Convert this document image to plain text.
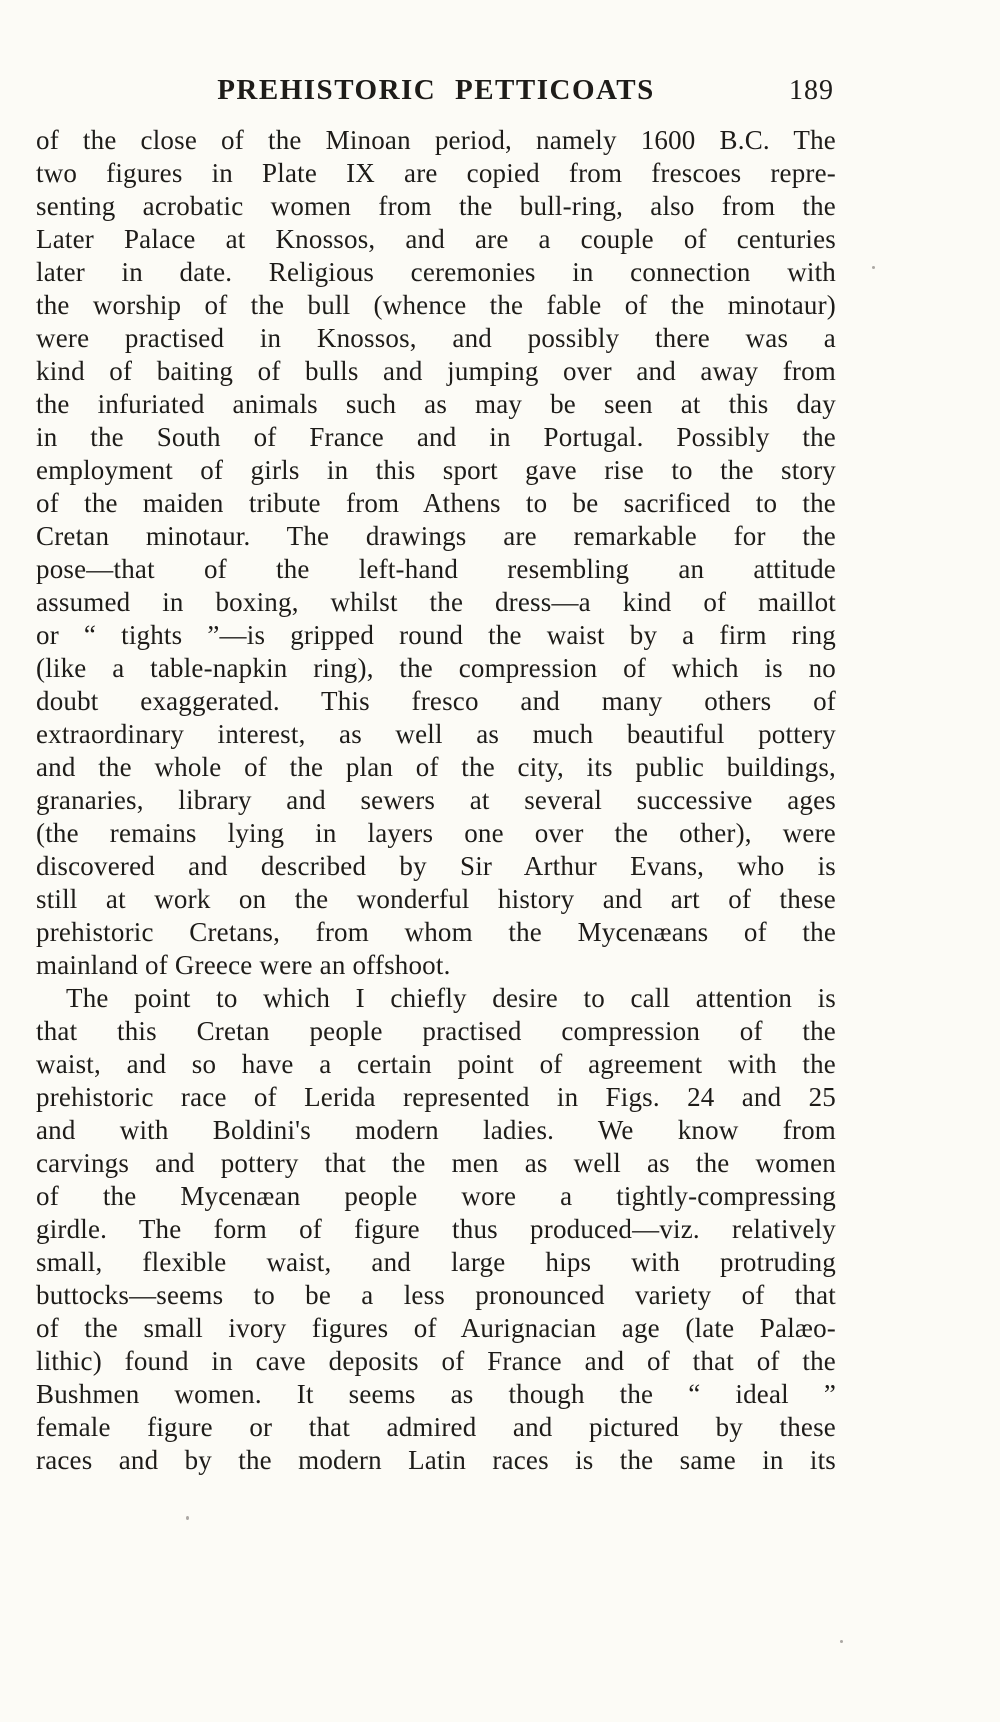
PREHISTORIC PETTICOATS	189
of the close of the Minoan period, namely 1600 B.C. The
two figures in Plate IX are copied from frescoes repre-
senting acrobatic women from the bull-ring, also from the
Later Palace at Knossos, and are a couple of centuries
later in date. Religious ceremonies in connection with
the worship of the bull (whence the fable of the minotaur)
were practised in Knossos, and possibly there was a
kind of baiting of bulls and jumping over and away from
the infuriated animals such as may be seen at this day
in the South of France and in Portugal. Possibly the
employment of girls in this sport gave rise to the story
of the maiden tribute from Athens to be sacrificed to the
Cretan minotaur. The drawings are remarkable for the
pose—that of the left-hand resembling an attitude
assumed in boxing, whilst the dress—a kind of maillot
or “ tights ”—is gripped round the waist by a firm ring
(like a table-napkin ring), the compression of which is no
doubt exaggerated. This fresco and many others of
extraordinary interest, as well as much beautiful pottery
and the whole of the plan of the city, its public buildings,
granaries, library and sewers at several successive ages
(the remains lying in layers one over the other), were
discovered and described by Sir Arthur Evans, who is
still at work on the wonderful history and art of these
prehistoric Cretans, from whom the Mycenæans of the
mainland of Greece were an offshoot.
The point to which I chiefly desire to call attention is
that this Cretan people practised compression of the
waist, and so have a certain point of agreement with the
prehistoric race of Lerida represented in Figs. 24 and 25
and with Boldini's modern ladies. We know from
carvings and pottery that the men as well as the women
of the Mycenæan people wore a tightly-compressing
girdle. The form of figure thus produced—viz. relatively
small, flexible waist, and large hips with protruding
buttocks—seems to be a less pronounced variety of that
of the small ivory figures of Aurignacian age (late Palæo-
lithic) found in cave deposits of France and of that of the
Bushmen women. It seems as though the “ ideal ”
female figure or that admired and pictured by these
races and by the modern Latin races is the same in its
